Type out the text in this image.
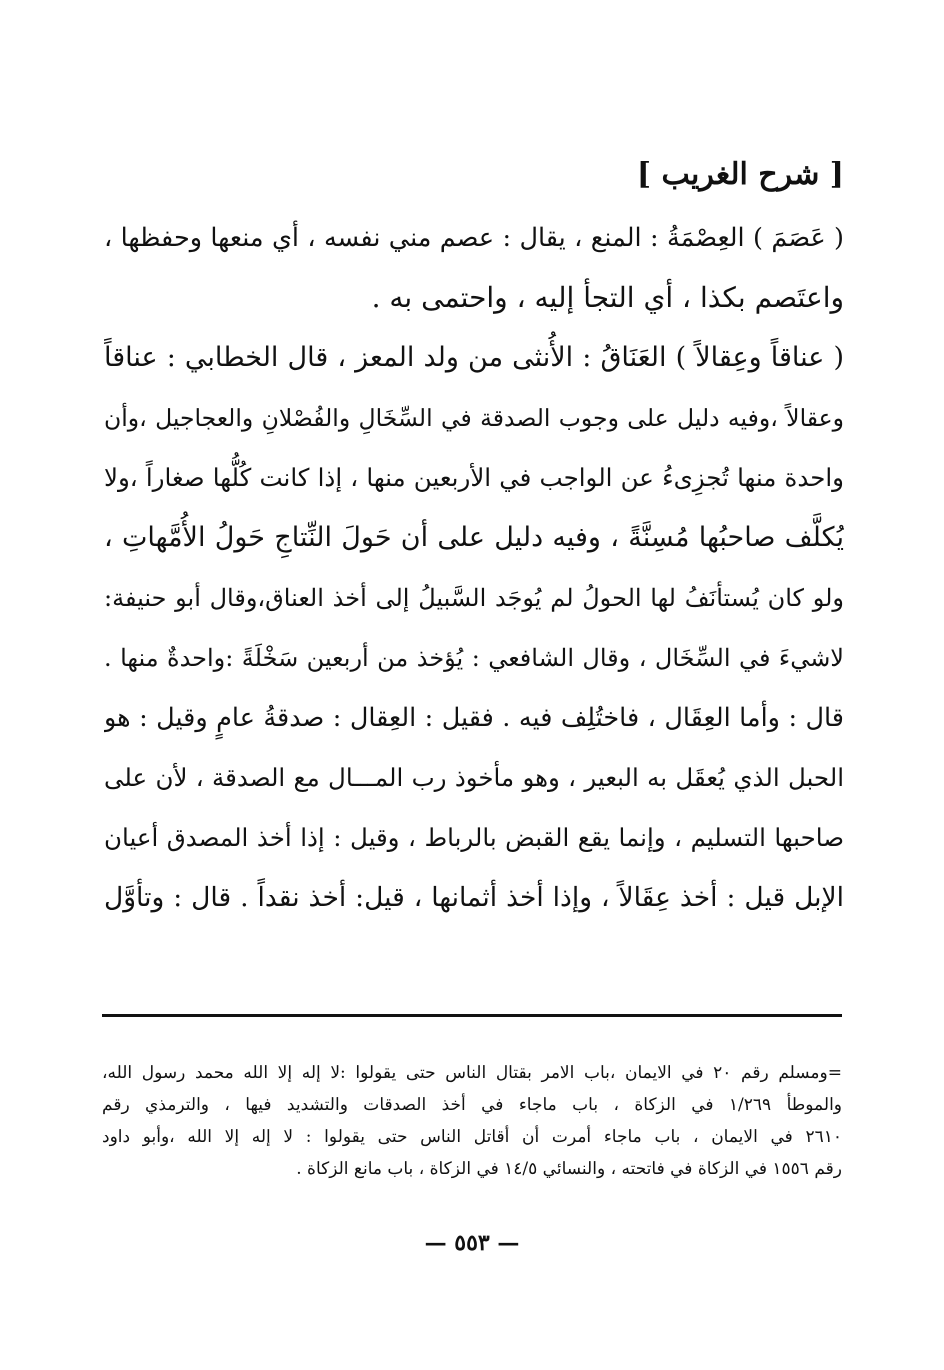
[ شرح الغريب ]
( عَصَمَ ) العِصْمَةُ : المنع ، يقال : عصم مني نفسه ، أي منعها وحفظها ،
واعتَصم بكذا ، أي التجأ إليه ، واحتمى به .
( عناقاً وعِقالاً ) العَنَاقُ : الأُنثى من ولد المعز ، قال الخطابي : عناقاً
وعقالاً ،وفيه دليل على وجوب الصدقة في السِّخَالِ والفُصْلانِ والعجاجيل ،وأن
واحدة منها تُجزِىءُ عن الواجب في الأربعين منها ، إذا كانت كُلُّها صغاراً ،ولا
يُكلَّف صاحبُها مُسِنَّةً ، وفيه دليل على أن حَولَ النِّتاجِ حَولُ الأُمَّهاتِ ،
ولو كان يُستأنَفُ لها الحولُ لم يُوجَد السَّبيلُ إلى أخذ العناق،وقال أبو حنيفة:
لاشيءَ في السِّخَال ، وقال الشافعي : يُؤخذ من أربعين سَخْلَةً :واحدةٌ منها .
قال : وأما العِقَال ، فاختُلِف فيه . فقيل : العِقال : صدقةُ عامٍ وقيل : هو
الحبل الذي يُعقَل به البعير ، وهو مأخوذ رب المـــال مع الصدقة ، لأن على
صاحبها التسليم ، وإنما يقع القبض بالرباط ، وقيل : إذا أخذ المصدق أعيان
الإبل قيل : أخذ عِقَالاً ، وإذا أخذ أثمانها ، قيل: أخذ نقداً . قال : وتأوَّل
=ومسلم رقم ٢٠ في الايمان ،باب الامر بقتال الناس حتى يقولوا :لا إله إلا الله محمد رسول الله،
والموطأ ١/٢٦٩ في الزكاة ، باب ماجاء في أخذ الصدقات والتشديد فيها ، والترمذي رقم
٢٦١٠ في الايمان ، باب ماجاء أمرت أن أقاتل الناس حتى يقولوا : لا إله إلا الله ،وأبو داود
رقم ١٥٥٦ في الزكاة في فاتحته ، والنسائي ١٤/٥ في الزكاة ، باب مانع الزكاة .
— ٥٥٣ —
